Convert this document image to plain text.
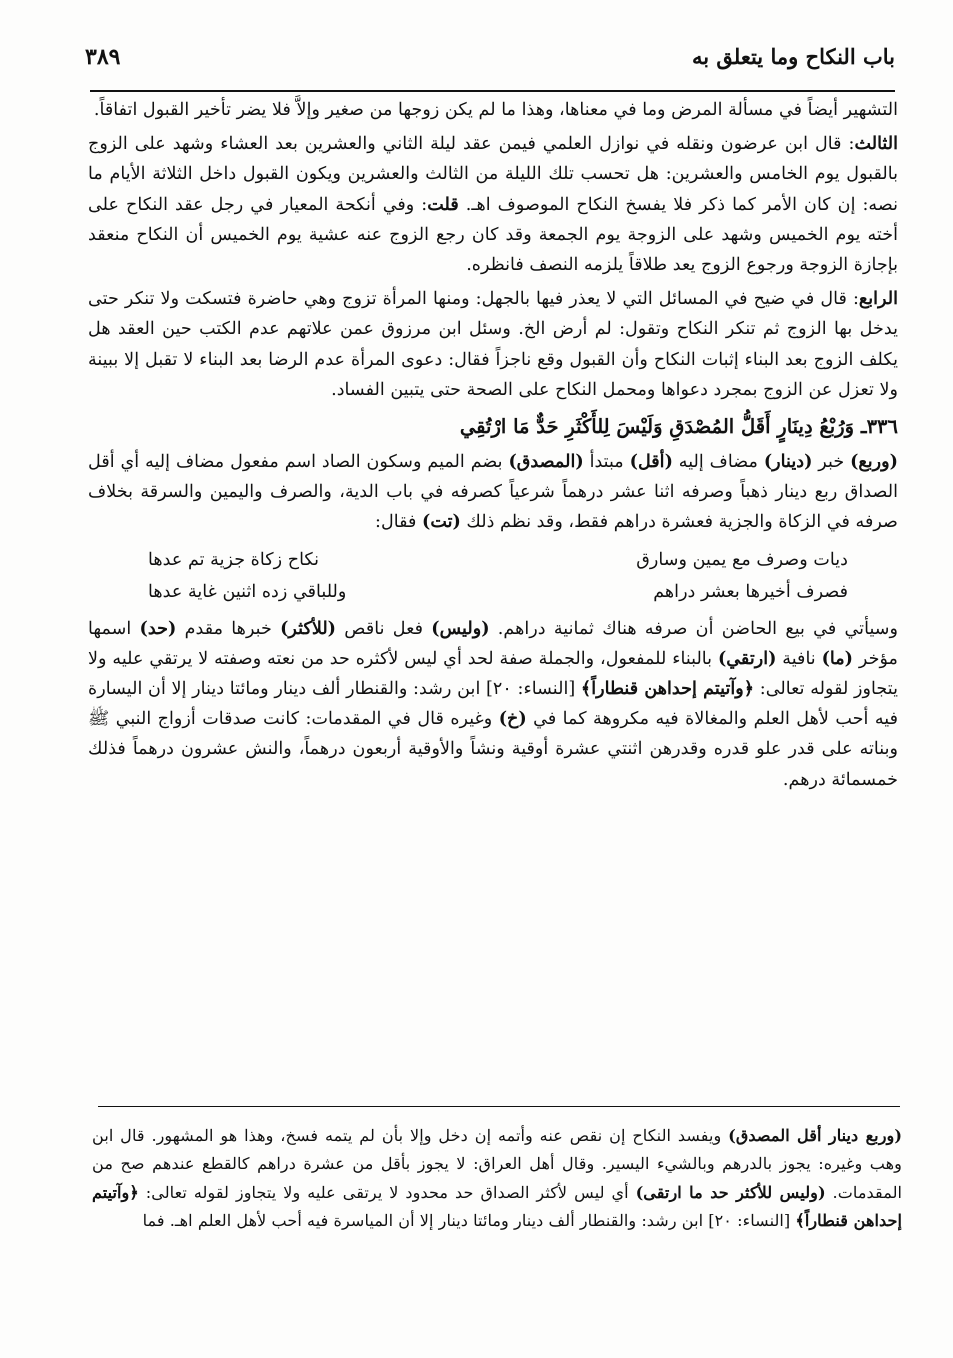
باب النكاح وما يتعلق به
٣٨٩

التشهير أيضاً في مسألة المرض وما في معناها، وهذا ما لم يكن زوجها من صغير وإلاَّ فلا يضر تأخير القبول اتفاقاً.

الثالث: قال ابن عرضون ونقله في نوازل العلمي فيمن عقد ليلة الثاني والعشرين بعد العشاء وشهد على الزوج بالقبول يوم الخامس والعشرين: هل تحسب تلك الليلة من الثالث والعشرين ويكون القبول داخل الثلاثة الأيام ما نصه: إن كان الأمر كما ذكر فلا يفسخ النكاح الموصوف اهـ. قلت: وفي أنكحة المعيار في رجل عقد النكاح على أخته يوم الخميس وشهد على الزوجة يوم الجمعة وقد كان رجع الزوج عنه عشية يوم الخميس أن النكاح منعقد بإجازة الزوجة ورجوع الزوج يعد طلاقاً يلزمه النصف فانظره.

الرابع: قال في ضيح في المسائل التي لا يعذر فيها بالجهل: ومنها المرأة تزوج وهي حاضرة فتسكت ولا تنكر حتى يدخل بها الزوج ثم تنكر النكاح وتقول: لم أرض الخ. وسئل ابن مرزوق عمن علاتهم عدم الكتب حين العقد هل يكلف الزوج بعد البناء إثبات النكاح وأن القبول وقع ناجزاً فقال: دعوى المرأة عدم الرضا بعد البناء لا تقبل إلا ببينة ولا تعزل عن الزوج بمجرد دعواها ومحمل النكاح على الصحة حتى يتبين الفساد.

٣٣٦ـ وَرُبْعُ دِينَارٍ أَقَلُّ المُصْدَقِ وَلَيْسَ لِلأَكْثَرِ حَدٌّ مَا ارْتُقِي

(وربع) خبر (دينار) مضاف إليه (أقل) مبتدأ (المصدق) بضم الميم وسكون الصاد اسم مفعول مضاف إليه أي أقل الصداق ربع دينار ذهباً وصرفه اثنا عشر درهماً شرعياً كصرفه في باب الدية، والصرف واليمين والسرقة بخلاف صرفه في الزكاة والجزية فعشرة دراهم فقط، وقد نظم ذلك (تت) فقال:

ديات وصرف مع يمين وسارق
نكاح زكاة جزية تم عدها
فصرف أخيرها بعشر دراهم
وللباقي زده اثنين غاية عدها

وسيأتي في بيع الحاضن أن صرفه هناك ثمانية دراهم. (وليس) فعل ناقص (للأكثر) خبرها مقدم (حد) اسمها مؤخر (ما) نافية (ارتقي) بالبناء للمفعول، والجملة صفة لحد أي ليس لأكثره حد من نعته وصفته لا يرتقي عليه ولا يتجاوز لقوله تعالى: ﴿وآتيتم إحداهن قنطاراً﴾ [النساء: ٢٠] ابن رشد: والقنطار ألف دينار ومائتا دينار إلا أن اليسارة فيه أحب لأهل العلم والمغالاة فيه مكروهة كما في (خ) وغيره قال في المقدمات: كانت صدقات أزواج النبي ﷺ وبناته على قدر علو قدره وقدرهن اثنتي عشرة أوقية ونشاً والأوقية أربعون درهماً، والنش عشرون درهماً فذلك خمسمائة درهم.

(وربع دينار أقل المصدق) ويفسد النكاح إن نقص عنه وأتمه إن دخل وإلا بأن لم يتمه فسخ، وهذا هو المشهور. قال ابن وهب وغيره: يجوز بالدرهم وبالشيء اليسير. وقال أهل العراق: لا يجوز بأقل من عشرة دراهم كالقطع عندهم صح من المقدمات. (وليس للأكثر حد ما ارتقى) أي ليس لأكثر الصداق حد محدود لا يرتقى عليه ولا يتجاوز لقوله تعالى: ﴿وآتيتم إحداهن قنطاراً﴾ [النساء: ٢٠] ابن رشد: والقنطار ألف دينار ومائتا دينار إلا أن المياسرة فيه أحب لأهل العلم اهـ. فما
